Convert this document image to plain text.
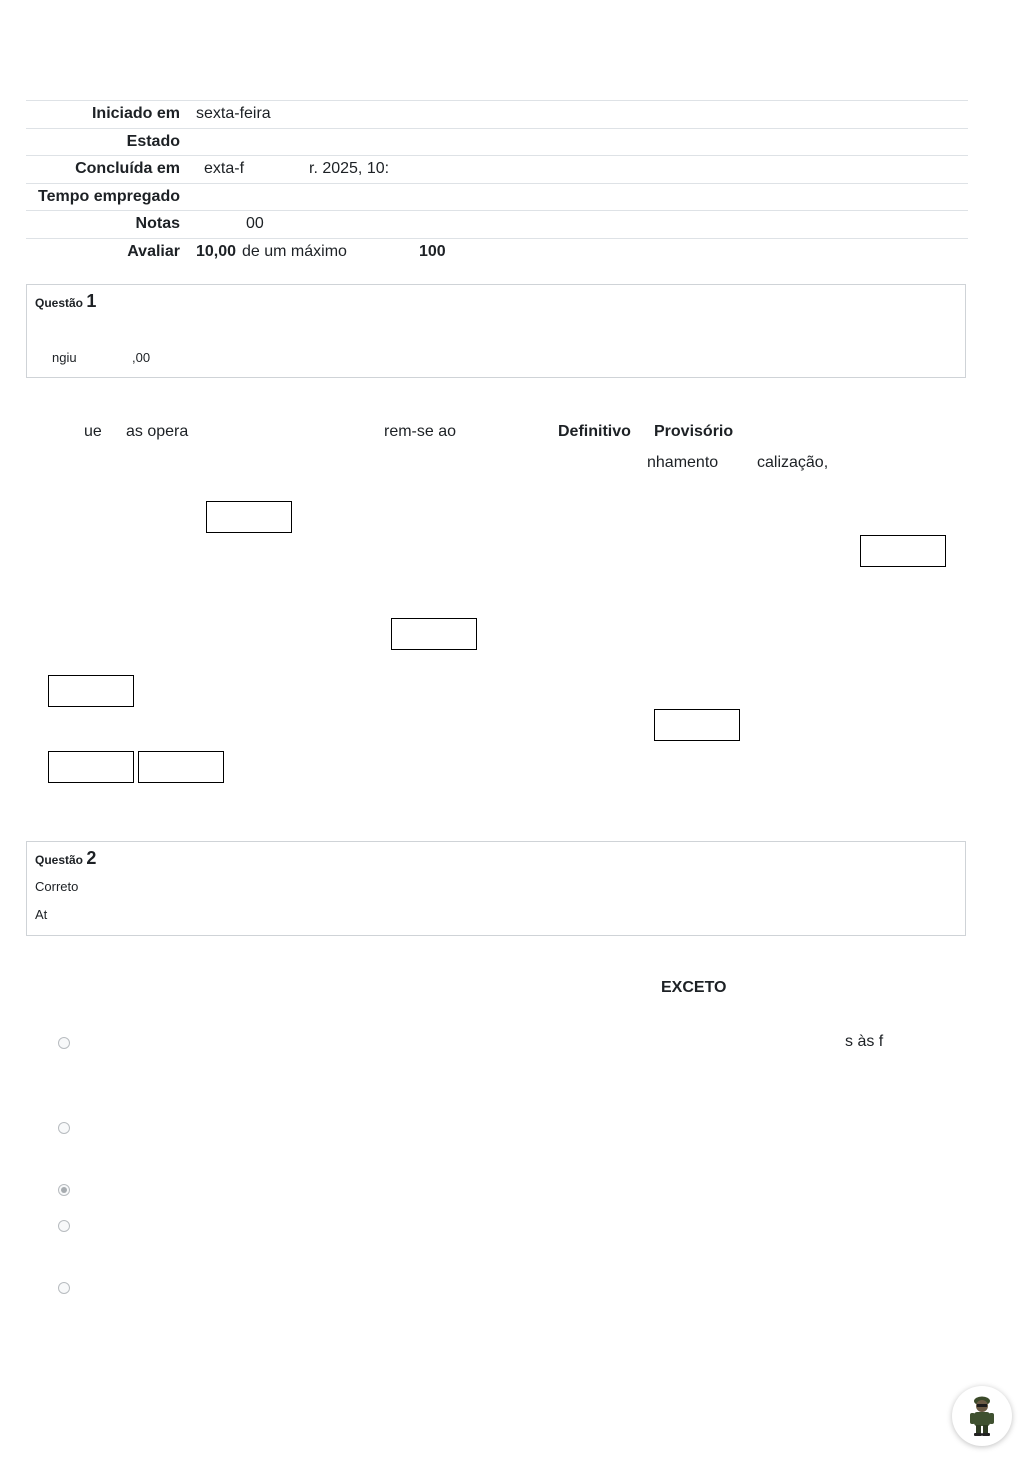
Iniciado em	sexta-feira
Estado	
Concluída em	exta-f r. 2025, 10:

Tempo empregado	
Notas	00

Avaliar	10,00 de um máximo 100
Questão 1
ngiu	,00
ue as opera	rem-se ao	Definitivo Provisório
nhamento calização,
Questão 2
Correto
At
EXCETO
s às f
